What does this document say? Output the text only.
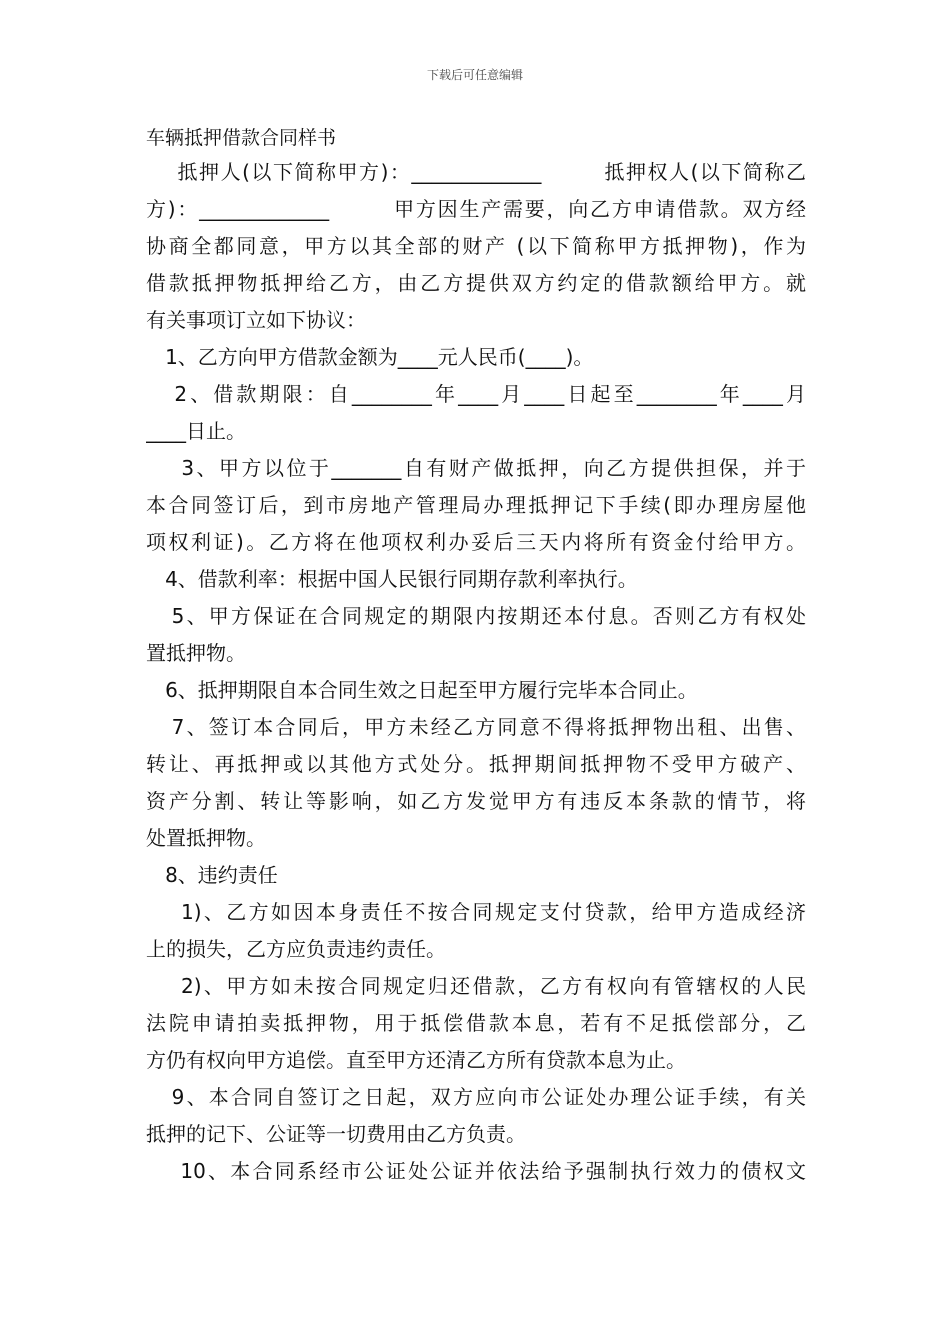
下载后可任意编辑
车辆抵押借款合同样书
抵押人(以下简称甲方)：_____________        抵押权人(以下简称乙
方)：_____________        甲方因生产需要，向乙方申请借款。双方经
协商全都同意，甲方以其全部的财产 (以下简称甲方抵押物)，作为
借款抵押物抵押给乙方，由乙方提供双方约定的借款额给甲方。就
有关事项订立如下协议：
1、乙方向甲方借款金额为____元人民币(____)。
2、借款期限：自________年____月____日起至________年____月
____日止。
3、甲方以位于_______自有财产做抵押，向乙方提供担保，并于
本合同签订后，到市房地产管理局办理抵押记下手续(即办理房屋他
项权利证)。乙方将在他项权利办妥后三天内将所有资金付给甲方。
4、借款利率：根据中国人民银行同期存款利率执行。
5、甲方保证在合同规定的期限内按期还本付息。否则乙方有权处
置抵押物。
6、抵押期限自本合同生效之日起至甲方履行完毕本合同止。
7、签订本合同后，甲方未经乙方同意不得将抵押物出租、出售、
转让、再抵押或以其他方式处分。抵押期间抵押物不受甲方破产、
资产分割、转让等影响，如乙方发觉甲方有违反本条款的情节，将
处置抵押物。
8、违约责任
1)、乙方如因本身责任不按合同规定支付贷款，给甲方造成经济
上的损失，乙方应负责违约责任。
2)、甲方如未按合同规定归还借款，乙方有权向有管辖权的人民
法院申请拍卖抵押物，用于抵偿借款本息，若有不足抵偿部分，乙
方仍有权向甲方追偿。直至甲方还清乙方所有贷款本息为止。
9、本合同自签订之日起，双方应向市公证处办理公证手续，有关
抵押的记下、公证等一切费用由乙方负责。
10、本合同系经市公证处公证并依法给予强制执行效力的债权文
